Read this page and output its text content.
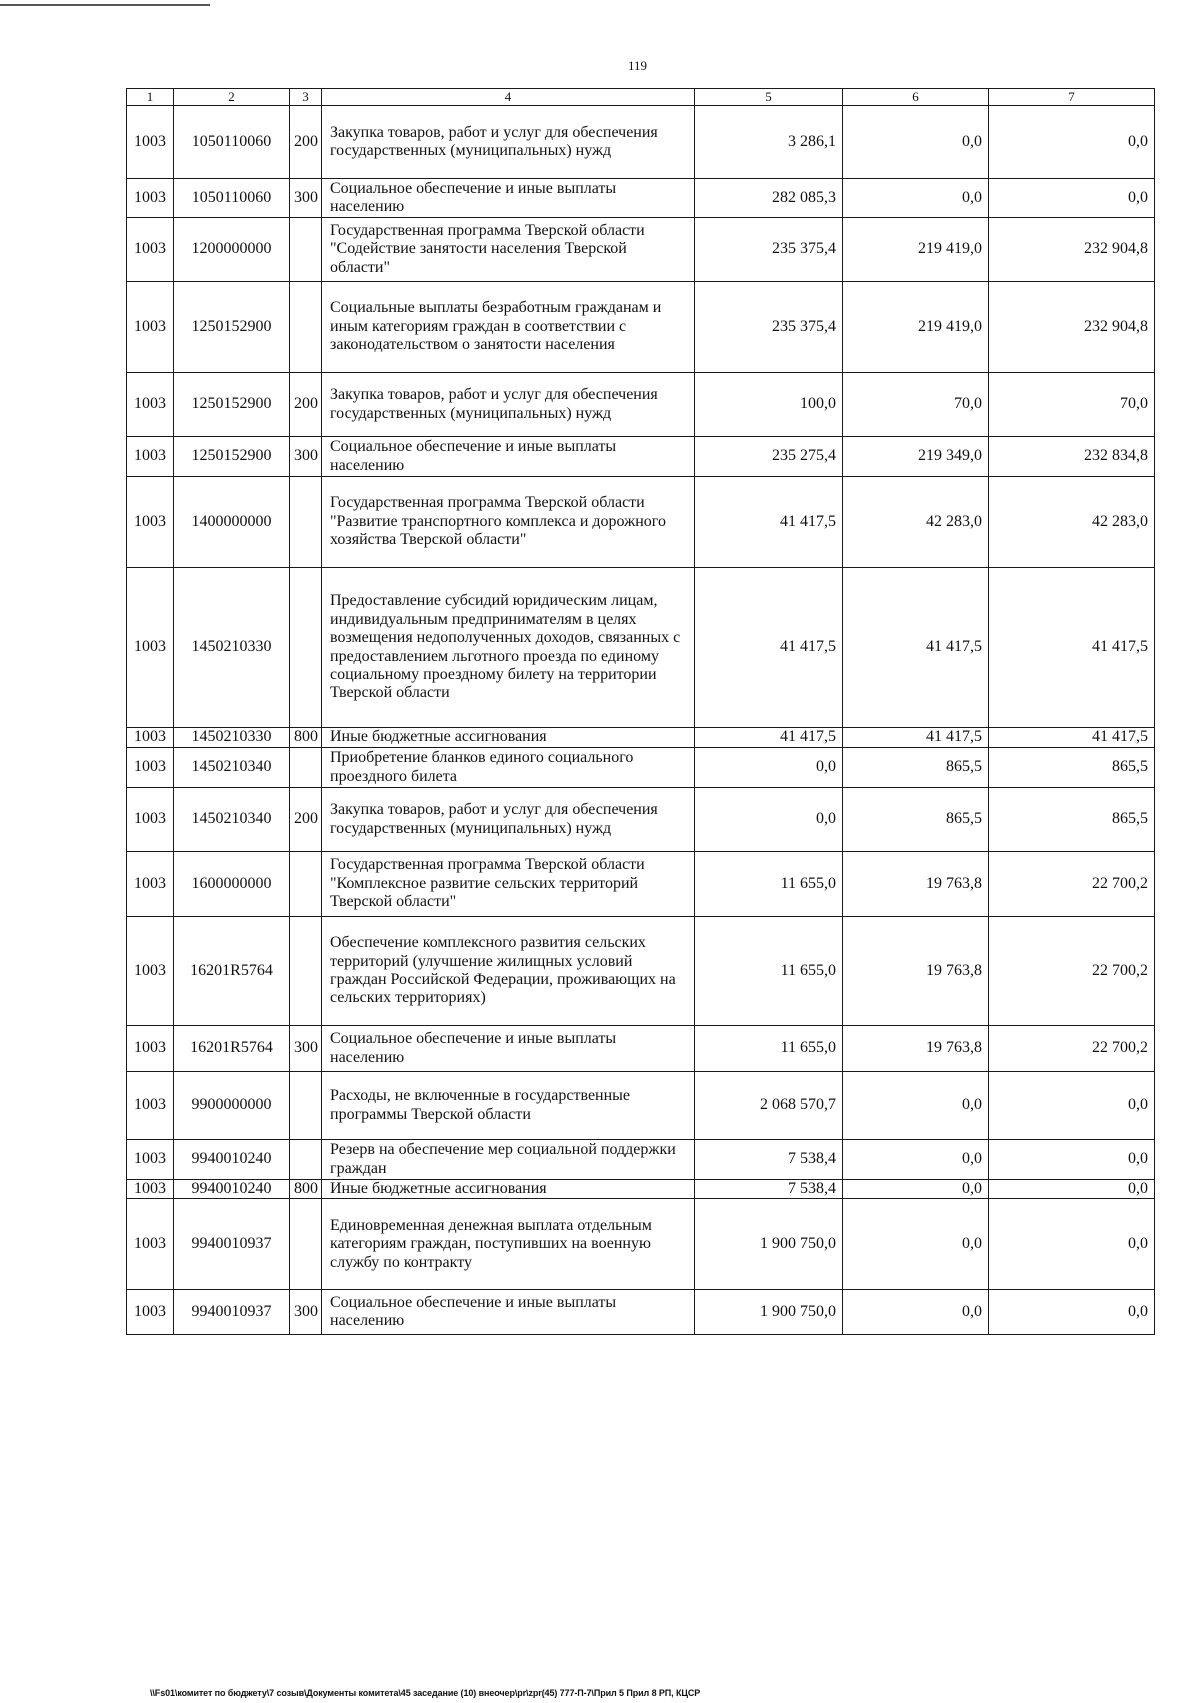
119
1	2	3	4	5	6	7
1003	1050110060	200	Закупка товаров, работ и услуг для обеспечения государственных (муниципальных) нужд	3 286,1	0,0	0,0
1003	1050110060	300	Социальное обеспечение и иные выплаты населению	282 085,3	0,0	0,0
1003	1200000000		Государственная программа Тверской области "Содействие занятости населения Тверской области"	235 375,4	219 419,0	232 904,8
1003	1250152900		Социальные выплаты безработным гражданам и иным категориям граждан в соответствии с законодательством о занятости населения	235 375,4	219 419,0	232 904,8
1003	1250152900	200	Закупка товаров, работ и услуг для обеспечения государственных (муниципальных) нужд	100,0	70,0	70,0
1003	1250152900	300	Социальное обеспечение и иные выплаты населению	235 275,4	219 349,0	232 834,8
1003	1400000000		Государственная программа Тверской области "Развитие транспортного комплекса и дорожного хозяйства Тверской области"	41 417,5	42 283,0	42 283,0
1003	1450210330		Предоставление субсидий юридическим лицам, индивидуальным предпринимателям в целях возмещения недополученных доходов, связанных с предоставлением льготного проезда по единому социальному проездному билету на территории Тверской области	41 417,5	41 417,5	41 417,5
1003	1450210330	800	Иные бюджетные ассигнования	41 417,5	41 417,5	41 417,5
1003	1450210340		Приобретение бланков единого социального проездного билета	0,0	865,5	865,5
1003	1450210340	200	Закупка товаров, работ и услуг для обеспечения государственных (муниципальных) нужд	0,0	865,5	865,5
1003	1600000000		Государственная программа Тверской области "Комплексное развитие сельских территорий Тверской области"	11 655,0	19 763,8	22 700,2
1003	16201R5764		Обеспечение комплексного развития сельских территорий (улучшение жилищных условий граждан Российской Федерации, проживающих на сельских территориях)	11 655,0	19 763,8	22 700,2
1003	16201R5764	300	Социальное обеспечение и иные выплаты населению	11 655,0	19 763,8	22 700,2
1003	9900000000		Расходы, не включенные в государственные программы Тверской области	2 068 570,7	0,0	0,0
1003	9940010240		Резерв на обеспечение мер социальной поддержки граждан	7 538,4	0,0	0,0
1003	9940010240	800	Иные бюджетные ассигнования	7 538,4	0,0	0,0
1003	9940010937		Единовременная денежная выплата отдельным категориям граждан, поступивших на военную службу по контракту	1 900 750,0	0,0	0,0
1003	9940010937	300	Социальное обеспечение и иные выплаты населению	1 900 750,0	0,0	0,0
\\Fs01\комитет по бюджету\7 созыв\Документы комитета\45 заседание (10) внеочер\pr\zpr(45) 777-П-7\Прил 5 Прил 8 РП, КЦСР
